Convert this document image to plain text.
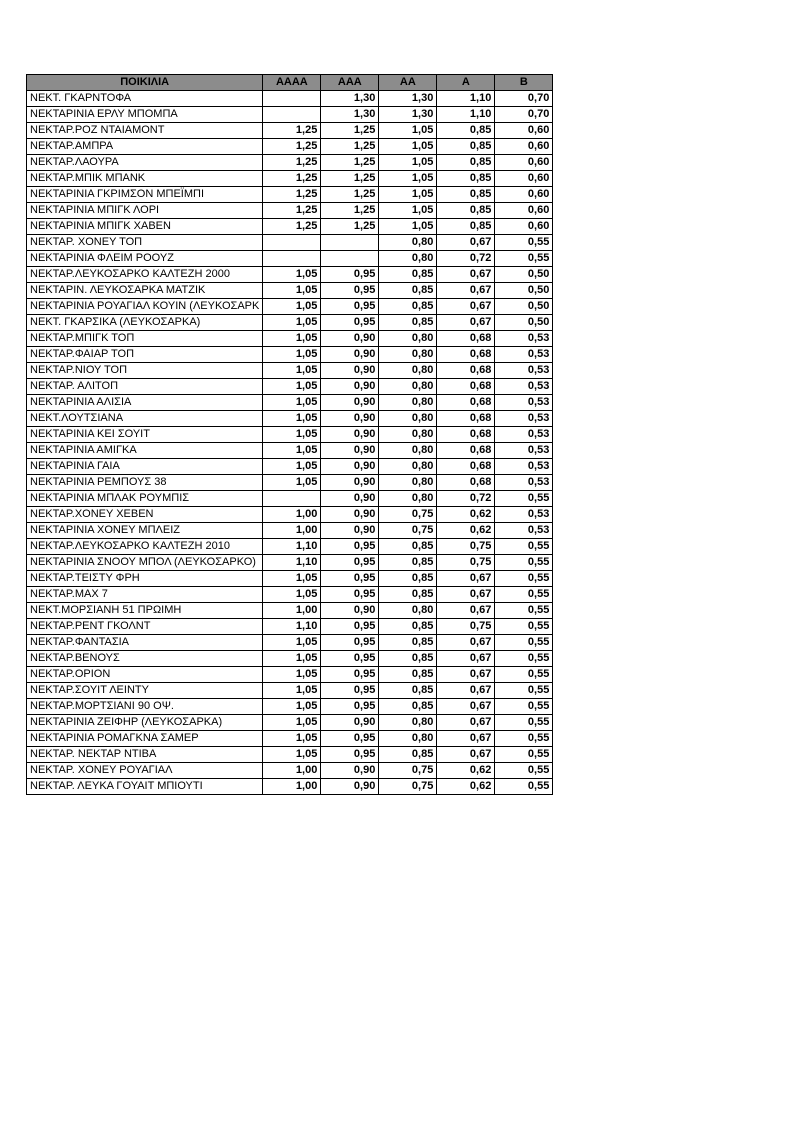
ΠΟΙΚΙΛΙΑ	AAAA	AAA	AA	A	B
ΝΕΚΤ. ΓΚΑΡΝΤΟΦΑ		1,30	1,30	1,10	0,70
ΝΕΚΤΑΡΙΝΙΑ ΕΡΛΥ ΜΠΟΜΠΑ		1,30	1,30	1,10	0,70
ΝΕΚΤΑΡ.ΡΟΖ ΝΤΑΙΑΜΟΝΤ	1,25	1,25	1,05	0,85	0,60
ΝΕΚΤΑΡ.ΑΜΠΡΑ	1,25	1,25	1,05	0,85	0,60
ΝΕΚΤΑΡ.ΛΑΟΥΡΑ	1,25	1,25	1,05	0,85	0,60
ΝΕΚΤΑΡ.ΜΠΙΚ ΜΠΑΝΚ	1,25	1,25	1,05	0,85	0,60
ΝΕΚΤΑΡΙΝΙΑ ΓΚΡΙΜΣΟΝ ΜΠΕΪΜΠΙ	1,25	1,25	1,05	0,85	0,60
ΝΕΚΤΑΡΙΝΙΑ ΜΠΙΓΚ ΛΟΡΙ	1,25	1,25	1,05	0,85	0,60
ΝΕΚΤΑΡΙΝΙΑ ΜΠΙΓΚ ΧΑΒΕΝ	1,25	1,25	1,05	0,85	0,60
ΝΕΚΤΑΡ. ΧΟΝΕΥ ΤΟΠ			0,80	0,67	0,55
ΝΕΚΤΑΡΙΝΙΑ ΦΛΕΙΜ ΡΟΟΥΖ			0,80	0,72	0,55
ΝΕΚΤΑΡ.ΛΕΥΚΟΣΑΡΚΟ ΚΑΛΤΕΖΗ 2000	1,05	0,95	0,85	0,67	0,50
ΝΕΚΤΑΡΙΝ. ΛΕΥΚΟΣΑΡΚΑ ΜΑΤΖΙΚ	1,05	0,95	0,85	0,67	0,50
ΝΕΚΤΑΡΙΝΙΑ ΡΟΥΑΓΙΑΛ ΚΟΥΙΝ (ΛΕΥΚΟΣΑΡΚ	1,05	0,95	0,85	0,67	0,50
ΝΕΚΤ. ΓΚΑΡΣΙΚΑ (ΛΕΥΚΟΣΑΡΚΑ)	1,05	0,95	0,85	0,67	0,50
ΝΕΚΤΑΡ.ΜΠΙΓΚ ΤΟΠ	1,05	0,90	0,80	0,68	0,53
ΝΕΚΤΑΡ.ΦΑΙΑΡ ΤΟΠ	1,05	0,90	0,80	0,68	0,53
ΝΕΚΤΑΡ.ΝΙΟΥ ΤΟΠ	1,05	0,90	0,80	0,68	0,53
ΝΕΚΤΑΡ. ΑΛΙΤΟΠ	1,05	0,90	0,80	0,68	0,53
ΝΕΚΤΑΡΙΝΙΑ ΑΛΙΣΙΑ	1,05	0,90	0,80	0,68	0,53
ΝΕΚΤ.ΛΟΥΤΣΙΑΝΑ	1,05	0,90	0,80	0,68	0,53
ΝΕΚΤΑΡΙΝΙΑ ΚΕΙ ΣΟΥΙΤ	1,05	0,90	0,80	0,68	0,53
ΝΕΚΤΑΡΙΝΙΑ ΑΜΙΓΚΑ	1,05	0,90	0,80	0,68	0,53
ΝΕΚΤΑΡΙΝΙΑ ΓΑΙΑ	1,05	0,90	0,80	0,68	0,53
ΝΕΚΤΑΡΙΝΙΑ ΡΕΜΠΟΥΣ 38	1,05	0,90	0,80	0,68	0,53
ΝΕΚΤΑΡΙΝΙΑ ΜΠΛΑΚ ΡΟΥΜΠΙΣ		0,90	0,80	0,72	0,55
ΝΕΚΤΑΡ.ΧΟΝΕΥ ΧΕΒΕΝ	1,00	0,90	0,75	0,62	0,53
ΝΕΚΤΑΡΙΝΙΑ ΧΟΝΕΥ ΜΠΛΕΙΖ	1,00	0,90	0,75	0,62	0,53
ΝΕΚΤΑΡ.ΛΕΥΚΟΣΑΡΚΟ ΚΑΛΤΕΖΗ 2010	1,10	0,95	0,85	0,75	0,55
ΝΕΚΤΑΡΙΝΙΑ ΣΝΟΟΥ ΜΠΟΛ (ΛΕΥΚΟΣΑΡΚΟ)	1,10	0,95	0,85	0,75	0,55
ΝΕΚΤΑΡ.ΤΕΙΣΤΥ ΦΡΗ	1,05	0,95	0,85	0,67	0,55
ΝΕΚΤΑΡ.ΜΑΧ 7	1,05	0,95	0,85	0,67	0,55
ΝΕΚΤ.ΜΟΡΣΙΑΝΗ 51 ΠΡΩΙΜΗ	1,00	0,90	0,80	0,67	0,55
ΝΕΚΤΑΡ.ΡΕΝΤ ΓΚΟΛΝΤ	1,10	0,95	0,85	0,75	0,55
ΝΕΚΤΑΡ.ΦΑΝΤΑΣΙΑ	1,05	0,95	0,85	0,67	0,55
ΝΕΚΤΑΡ.ΒΕΝΟΥΣ	1,05	0,95	0,85	0,67	0,55
ΝΕΚΤΑΡ.ΟΡΙΟΝ	1,05	0,95	0,85	0,67	0,55
ΝΕΚΤΑΡ.ΣΟΥΙΤ ΛΕΙΝΤΥ	1,05	0,95	0,85	0,67	0,55
ΝΕΚΤΑΡ.ΜΟΡΤΣΙΑΝΙ 90 ΟΨ.	1,05	0,95	0,85	0,67	0,55
ΝΕΚΤΑΡΙΝΙΑ ΖΕΙΦΗΡ (ΛΕΥΚΟΣΑΡΚΑ)	1,05	0,90	0,80	0,67	0,55
ΝΕΚΤΑΡΙΝΙΑ ΡΟΜΑΓΚΝΑ ΣΑΜΕΡ	1,05	0,95	0,80	0,67	0,55
ΝΕΚΤΑΡ. ΝΕΚΤΑΡ ΝΤΙΒΑ	1,05	0,95	0,85	0,67	0,55
ΝΕΚΤΑΡ. ΧΟΝΕΥ ΡΟΥΑΓΙΑΛ	1,00	0,90	0,75	0,62	0,55
ΝΕΚΤΑΡ. ΛΕΥΚΑ ΓΟΥΑΙΤ ΜΠΙΟΥΤΙ	1,00	0,90	0,75	0,62	0,55
